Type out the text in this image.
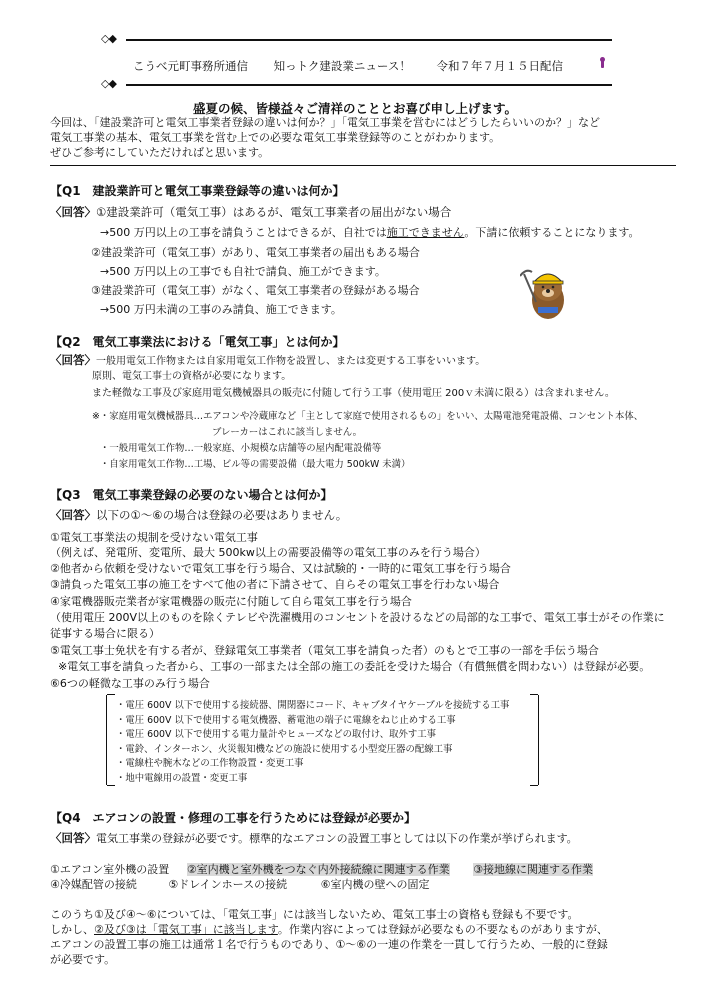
◇◆
こうべ元町事務所通信 知っトク建設業ニュース！ 令和７年７月１５日配信
◇◆
盛夏の候、皆様益々ご清祥のこととお喜び申し上げます。
今回は、「建設業許可と電気工事業者登録の違いは何か？」「電気工事業を営むにはどうしたらいいのか？」など
電気工事業の基本、電気工事業を営む上での必要な電気工事業登録等のことがわかります。
ぜひご参考にしていただければと思います。
【Q1　建設業許可と電気工事業登録等の違いは何か】
〈回答〉①建設業許可（電気工事）はあるが、電気工事業者の届出がない場合
→500 万円以上の工事を請負うことはできるが、自社では施工できません。下請に依頼することになります。
②建設業許可（電気工事）があり、電気工事業者の届出もある場合
→500 万円以上の工事でも自社で請負、施工ができます。
③建設業許可（電気工事）がなく、電気工事業者の登録がある場合
→500 万円未満の工事のみ請負、施工できます。
【Q2　電気工事業法における「電気工事」とは何か】
〈回答〉一般用電気工作物または自家用電気工作物を設置し、または変更する工事をいいます。
原則、電気工事士の資格が必要になります。
また軽微な工事及び家庭用電気機械器具の販売に付随して行う工事（使用電圧 200ｖ未満に限る）は含まれません。
※・家庭用電気機械器具…エアコンや冷蔵庫など「主として家庭で使用されるもの」をいい、太陽電池発電設備、コンセント本体、
ブレーカーはこれに該当しません。
・一般用電気工作物…一般家庭、小規模な店舗等の屋内配電設備等
・自家用電気工作物…工場、ビル等の需要設備（最大電力 500kW 未満）
【Q3　電気工事業登録の必要のない場合とは何か】
〈回答〉以下の①～⑥の場合は登録の必要はありません。
①電気工事業法の規制を受けない電気工事
（例えば、発電所、変電所、最大 500kw以上の需要設備等の電気工事のみを行う場合）
②他者から依頼を受けないで電気工事を行う場合、又は試験的・一時的に電気工事を行う場合
③請負った電気工事の施工をすべて他の者に下請させて、自らその電気工事を行わない場合
④家電機器販売業者が家電機器の販売に付随して自ら電気工事を行う場合
（使用電圧 200V以上のものを除くテレビや洗濯機用のコンセントを設けるなどの局部的な工事で、電気工事士がその作業に
従事する場合に限る）
⑤電気工事士免状を有する者が、登録電気工事業者（電気工事を請負った者）のもとで工事の一部を手伝う場合
※電気工事を請負った者から、工事の一部または全部の施工の委託を受けた場合（有償無償を問わない）は登録が必要。
⑥6つの軽微な工事のみ行う場合
・電圧 600V 以下で使用する接続器、開閉器にコード、キャブタイヤケーブルを接続する工事
・電圧 600V 以下で使用する電気機器、蓄電池の端子に電線をねじ止めする工事
・電圧 600V 以下で使用する電力量計やヒューズなどの取付け、取外す工事
・電鈴、インターホン、火災報知機などの施設に使用する小型変圧器の配線工事
・電線柱や腕木などの工作物設置・変更工事
・地中電線用の設置・変更工事
【Q4　エアコンの設置・修理の工事を行うためには登録が必要か】
〈回答〉電気工事業の登録が必要です。標準的なエアコンの設置工事としては以下の作業が挙げられます。
①エアコン室外機の設置 ②室内機と室外機をつなぐ内外接続線に関連する作業 ③接地線に関連する作業
④冷媒配管の接続	⑤ドレインホースの接続	⑥室内機の壁への固定
このうち①及び④～⑥については、「電気工事」には該当しないため、電気工事士の資格も登録も不要です。
しかし、②及び③は「電気工事」に該当します。作業内容によっては登録が必要なもの不要なものがありますが、
エアコンの設置工事の施工は通常１名で行うものであり、①～⑥の一連の作業を一貫して行うため、一般的に登録
が必要です。
